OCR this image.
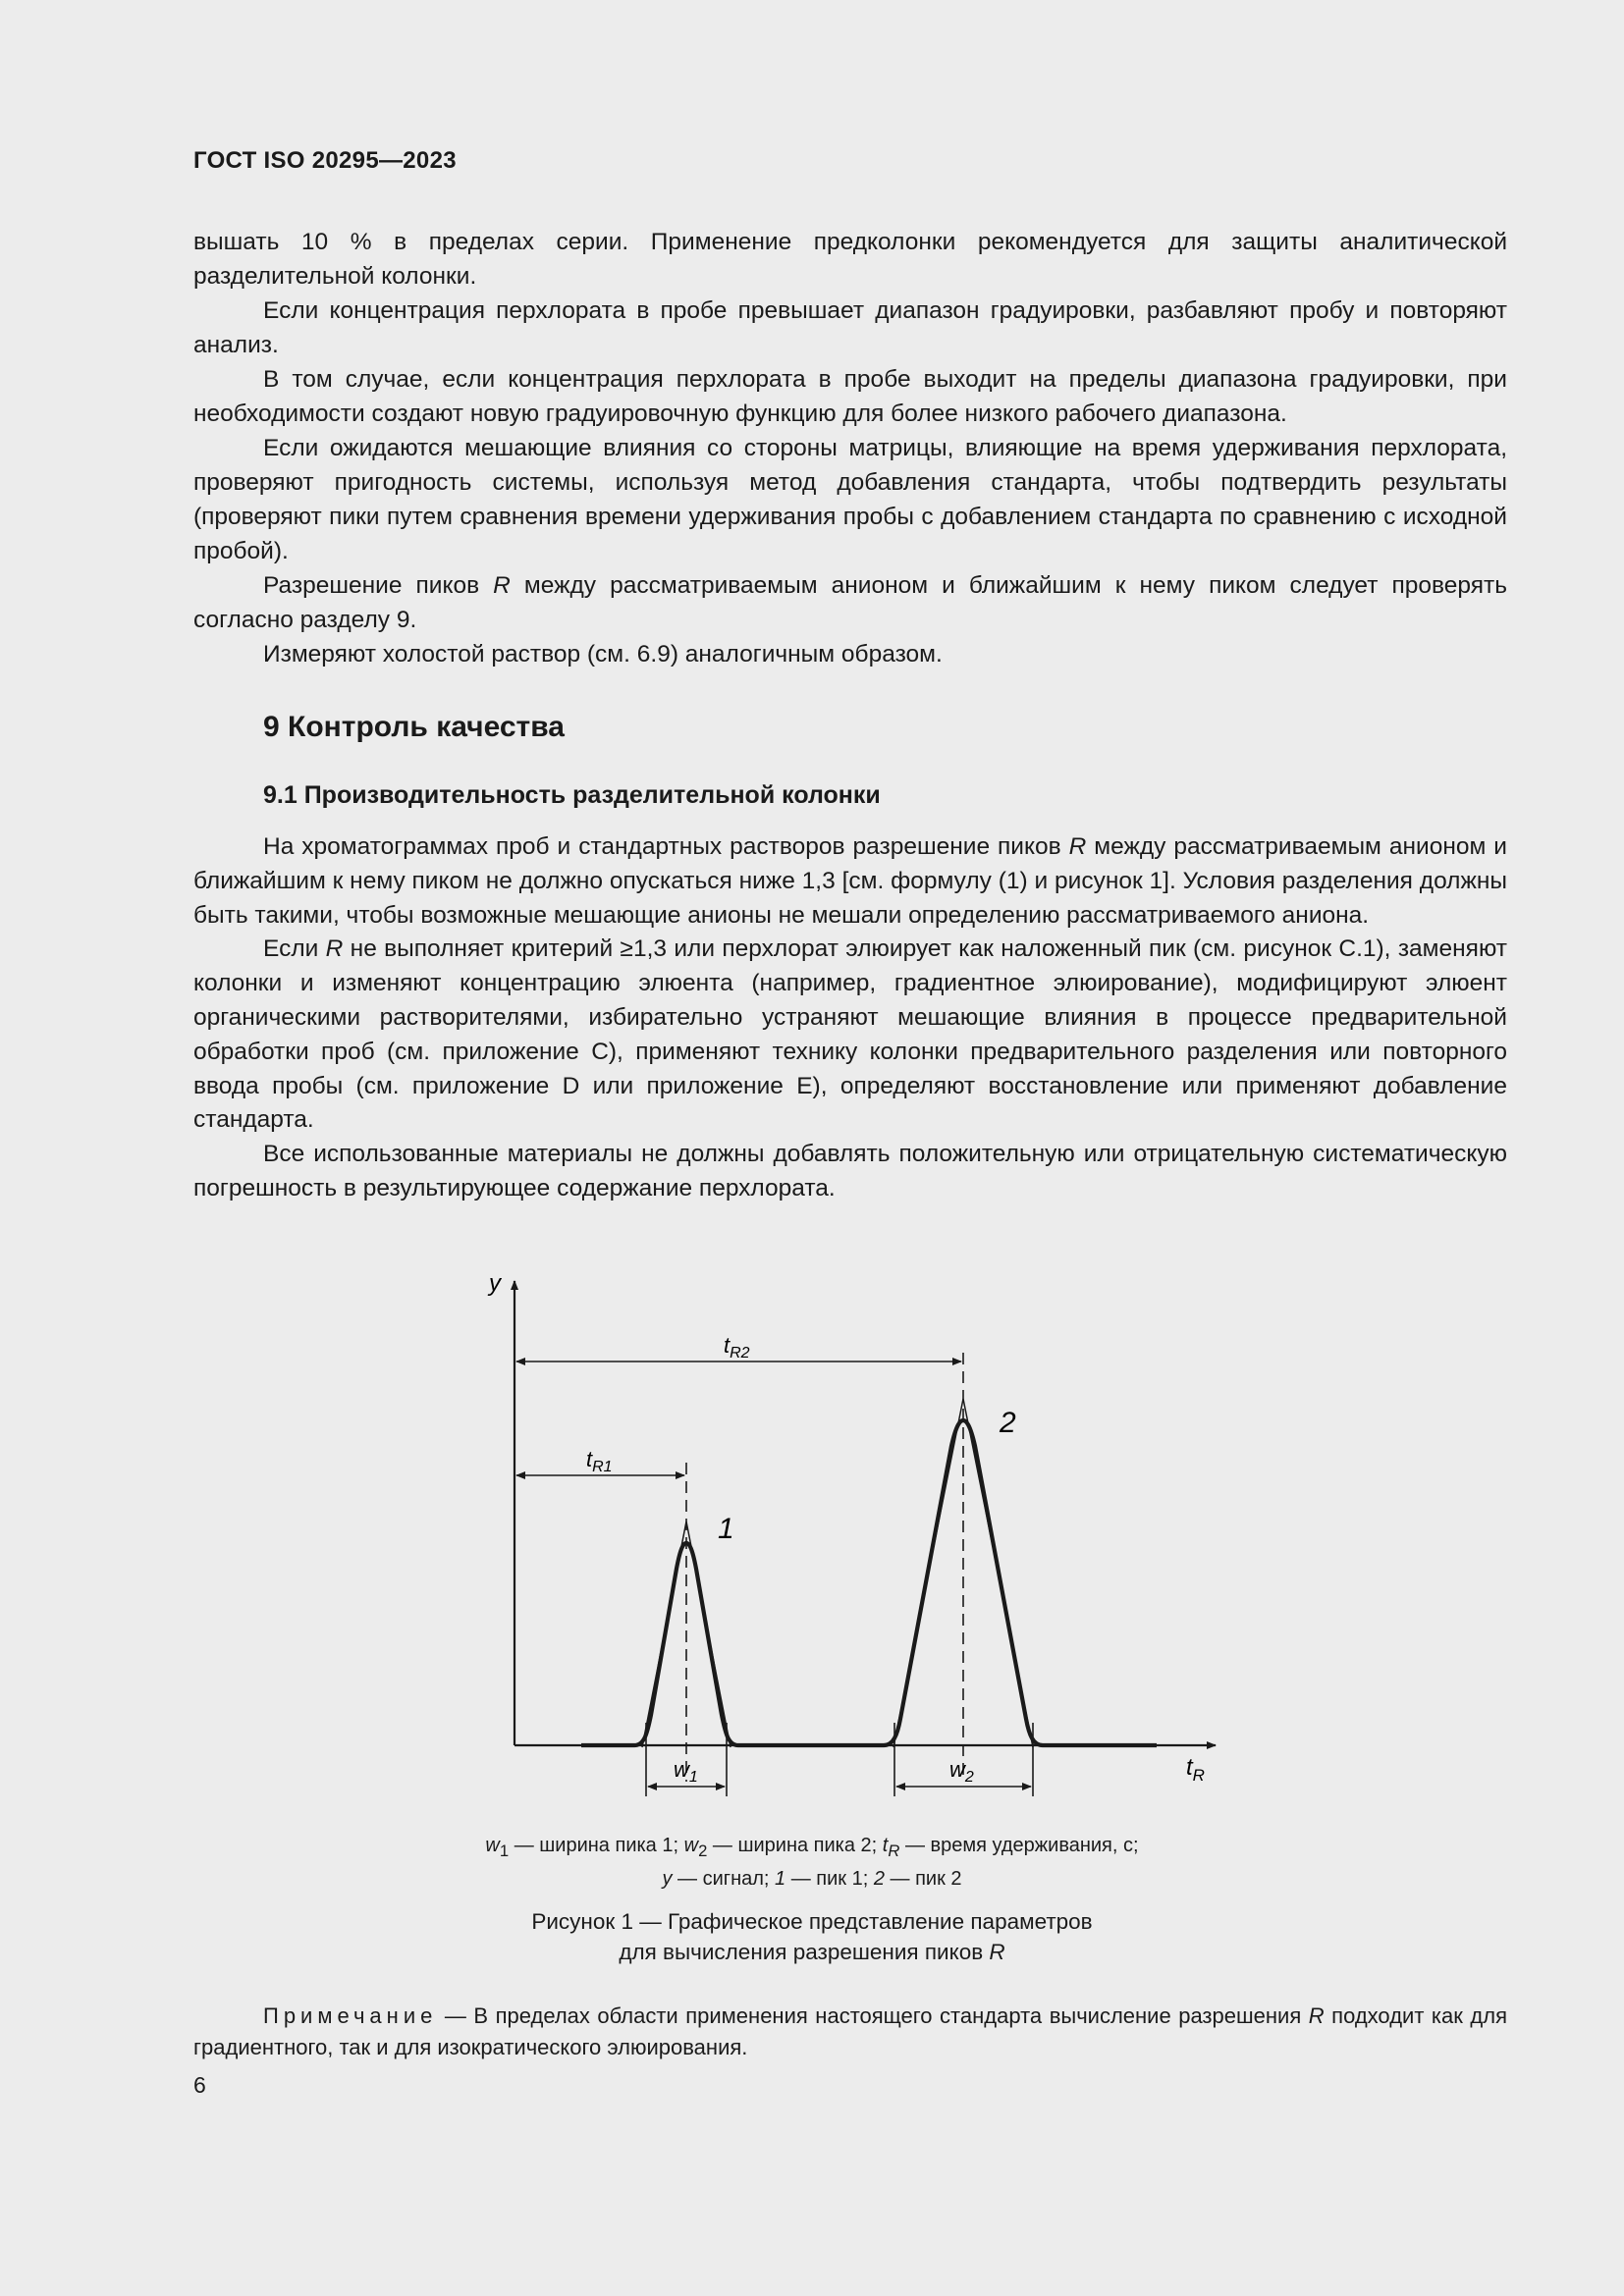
ГОСТ ISO 20295—2023

вышать 10 % в пределах серии. Применение предколонки рекомендуется для защиты аналитической разделительной колонки.

Если концентрация перхлората в пробе превышает диапазон градуировки, разбавляют пробу и повторяют анализ.

В том случае, если концентрация перхлората в пробе выходит на пределы диапазона градуировки, при необходимости создают новую градуировочную функцию для более низкого рабочего диапазона.

Если ожидаются мешающие влияния со стороны матрицы, влияющие на время удерживания перхлората, проверяют пригодность системы, используя метод добавления стандарта, чтобы подтвердить результаты (проверяют пики путем сравнения времени удерживания пробы с добавлением стандарта по сравнению с исходной пробой).

Разрешение пиков R между рассматриваемым анионом и ближайшим к нему пиком следует проверять согласно разделу 9.

Измеряют холостой раствор (см. 6.9) аналогичным образом.

9 Контроль качества
9.1 Производительность разделительной колонки

На хроматограммах проб и стандартных растворов разрешение пиков R между рассматриваемым анионом и ближайшим к нему пиком не должно опускаться ниже 1,3 [см. формулу (1) и рисунок 1]. Условия разделения должны быть такими, чтобы возможные мешающие анионы не мешали определению рассматриваемого аниона.

Если R не выполняет критерий ≥1,3 или перхлорат элюирует как наложенный пик (см. рисунок С.1), заменяют колонки и изменяют концентрацию элюента (например, градиентное элюирование), модифицируют элюент органическими растворителями, избирательно устраняют мешающие влияния в процессе предварительной обработки проб (см. приложение С), применяют технику колонки предварительного разделения или повторного ввода пробы (см. приложение D или приложение E), определяют восстановление или применяют добавление стандарта.

Все использованные материалы не должны добавлять положительную или отрицательную систематическую погрешность в результирующее содержание перхлората.

y
$t_R$
$t_{R2}$
$t_{R1}$
1
2
$w_1$	$w_2$
$w_1$ — ширина пика 1; $w_2$ — ширина пика 2; $t_R$ — время удерживания, с;
y — сигнал; 1 — пик 1; 2 — пик 2
Рисунок 1 — Графическое представление параметров
для вычисления разрешения пиков R

Примечание — В пределах области применения настоящего стандарта вычисление разрешения R подходит как для градиентного, так и для изократического элюирования.

6
